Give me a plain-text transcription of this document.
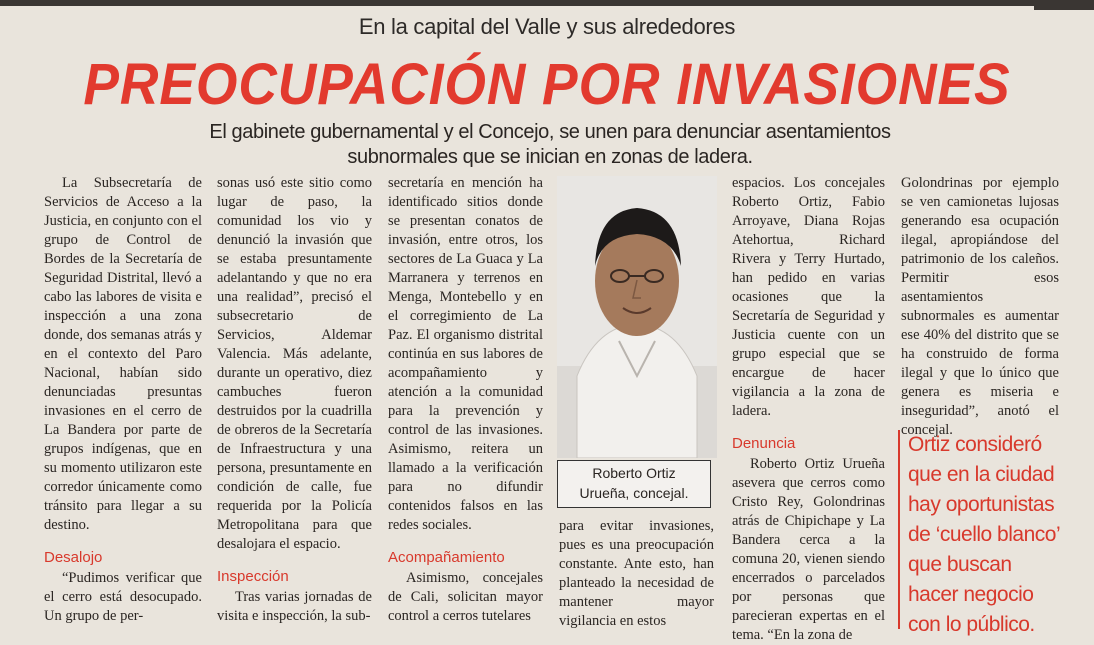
En la capital del Valle y sus alrededores
PREOCUPACIÓN POR INVASIONES
El gabinete gubernamental y el Concejo, se unen para denunciar asentamientos
subnormales que se inician en zonas de ladera.

La Subsecretaría de Servicios de Acceso a la Justicia, en conjunto con el grupo de Control de Bordes de la Secretaría de Seguridad Distrital, llevó a cabo las labores de visita e inspección a una zona donde, dos semanas atrás y en el contexto del Paro Nacional, habían sido denunciadas presuntas invasiones en el cerro de La Bandera por parte de grupos indígenas, que en su momento utilizaron este corredor únicamente como tránsito para llegar a su destino.

Desalojo

“Pudimos verificar que el cerro está desocupado. Un grupo de per-

sonas usó este sitio como lugar de paso, la comunidad los vio y denunció la invasión que se estaba presuntamente adelantando y que no era una realidad”, precisó el subsecretario de Servicios, Aldemar Valencia. Más adelante, durante un operativo, diez cambuches fueron destruidos por la cuadrilla de obreros de la Secretaría de Infraestructura y una persona, presuntamente en condición de calle, fue requerida por la Policía Metropolitana para que desalojara el espacio.

Inspección

Tras varias jornadas de visita e inspección, la sub-

secretaría en mención ha identificado sitios donde se presentan conatos de invasión, entre otros, los sectores de La Guaca y La Marranera y terrenos en Menga, Montebello y en el corregimiento de La Paz. El organismo distrital continúa en sus labores de acompañamiento y atención a la comunidad para la prevención y control de las invasiones. Asimismo, reitera un llamado a la verificación para no difundir contenidos falsos en las redes sociales.

Acompañamiento

Asimismo, concejales de Cali, solicitan mayor control a cerros tutelares

Roberto Ortiz
Urueña, concejal.

para evitar invasiones, pues es una preocupación constante. Ante esto, han planteado la necesidad de mantener mayor vigilancia en estos

espacios. Los concejales Roberto Ortiz, Fabio Arroyave, Diana Rojas Atehortua, Richard Rivera y Terry Hurtado, han pedido en varias ocasiones que la Secretaría de Seguridad y Justicia cuente con un grupo especial que se encargue de hacer vigilancia a la zona de ladera.

Denuncia

Roberto Ortiz Urueña asevera que cerros como Cristo Rey, Golondrinas atrás de Chipichape y La Bandera cerca a la comuna 20, vienen siendo encerrados o parcelados por personas que parecieran expertas en el tema. “En la zona de

Golondrinas por ejemplo se ven camionetas lujosas generando esa ocupación ilegal, apropiándose del patrimonio de los caleños. Permitir esos asentamientos subnormales es aumentar ese 40% del distrito que se ha construido de forma ilegal y que lo único que genera es miseria e inseguridad”, anotó el concejal.

Ortiz consideró
que en la ciudad
hay oportunistas
de ‘cuello blanco’
que buscan
hacer negocio
con lo público.
